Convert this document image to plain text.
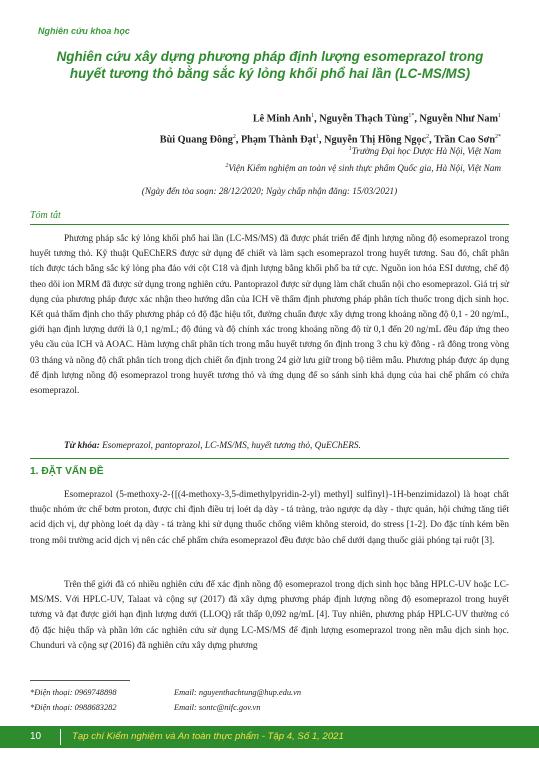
Nghiên cứu khoa học
Nghiên cứu xây dựng phương pháp định lượng esomeprazol trong
huyết tương thỏ bằng sắc ký lỏng khối phổ hai lần (LC-MS/MS)
Lê Minh Anh$^1$, Nguyễn Thạch Tùng$^{1*}$, Nguyễn Như Nam$^1$
Bùi Quang Đông$^2$, Phạm Thành Đạt$^1$, Nguyễn Thị Hồng Ngọc$^2$, Trần Cao Sơn$^{2*}$
$^1$Trường Đại học Dược Hà Nội, Việt Nam
$^2$Viện Kiểm nghiệm an toàn vệ sinh thực phẩm Quốc gia, Hà Nội, Việt Nam
(Ngày đến tòa soạn: 28/12/2020; Ngày chấp nhận đăng: 15/03/2021)
Tóm tắt

Phương pháp sắc ký lỏng khối phổ hai lần (LC-MS/MS) đã được phát triển để định lượng nồng độ esomeprazol trong huyết tương thỏ. Kỹ thuật QuEChERS được sử dụng để chiết và làm sạch esomeprazol trong huyết tương. Sau đó, chất phân tích được tách bằng sắc ký lỏng pha đảo với cột C18 và định lượng bằng khối phổ ba tứ cực. Nguồn ion hóa ESI dương, chế độ theo dõi ion MRM đã được sử dụng trong nghiên cứu. Pantoprazol được sử dụng làm chất chuẩn nội cho esomeprazol. Giá trị sử dụng của phương pháp được xác nhận theo hướng dẫn của ICH về thẩm định phương pháp phân tích thuốc trong dịch sinh học. Kết quả thẩm định cho thấy phương pháp có độ đặc hiệu tốt, đường chuẩn được xây dựng trong khoảng nồng độ 0,1 - 20 ng/mL, giới hạn định lượng dưới là 0,1 ng/mL; độ đúng và độ chính xác trong khoảng nồng độ từ 0,1 đến 20 ng/mL đều đáp ứng theo yêu cầu của ICH và AOAC. Hàm lượng chất phân tích trong mẫu huyết tương ổn định trong 3 chu kỳ đông - rã đông trong vòng 03 tháng và nồng độ chất phân tích trong dịch chiết ổn định trong 24 giờ lưu giữ trong bộ tiêm mẫu. Phương pháp được áp dụng để định lượng nồng độ esomeprazol trong huyết tương thỏ và ứng dụng để so sánh sinh khả dụng của hai chế phẩm có chứa esomeprazol.

Từ khóa: Esomeprazol, pantoprazol, LC-MS/MS, huyết tương thỏ, QuEChERS.

1. ĐẶT VẤN ĐỀ

Esomeprazol (5-methoxy-2-{[(4-methoxy-3,5-dimethylpyridin-2-yl) methyl] sulfinyl}-1H-benzimidazol) là hoạt chất thuộc nhóm ức chế bơm proton, được chỉ định điều trị loét dạ dày - tá tràng, trào ngược dạ dày - thực quản, hội chứng tăng tiết acid dịch vị, dự phòng loét dạ dày - tá tràng khi sử dụng thuốc chống viêm không steroid, do stress [1-2]. Do đặc tính kém bền trong môi trường acid dịch vị nên các chế phẩm chứa esomeprazol đều được bào chế dưới dạng thuốc giải phóng tại ruột [3].

Trên thế giới đã có nhiều nghiên cứu để xác định nồng độ esomeprazol trong dịch sinh học bằng HPLC-UV hoặc LC-MS/MS. Với HPLC-UV, Talaat và cộng sự (2017) đã xây dựng phương pháp định lượng nồng độ esomeprazol trong huyết tương và đạt được giới hạn định lượng dưới (LLOQ) rất thấp 0,092 ng/mL [4]. Tuy nhiên, phương pháp HPLC-UV thường có độ đặc hiệu thấp và phần lớn các nghiên cứu sử dụng LC-MS/MS để định lượng esomeprazol trong nền mẫu dịch sinh học. Chunduri và cộng sự (2016) đã nghiên cứu xây dựng phương

*Điện thoại: 0969748898	Email: nguyenthachtung@hup.edu.vn
*Điện thoại: 0988683282	Email: sontc@nifc.gov.vn
10	Tạp chí Kiểm nghiệm và An toàn thực phẩm - Tập 4, Số 1, 2021
